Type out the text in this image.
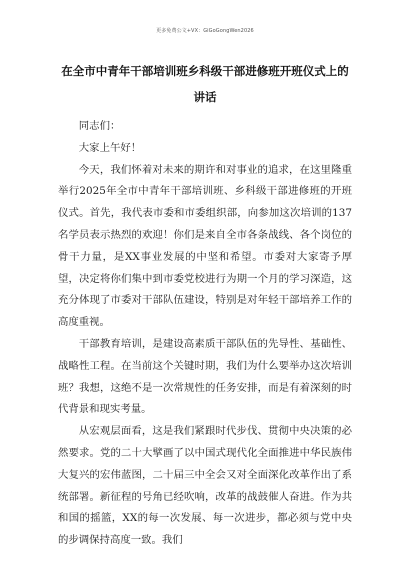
更多免费公文+VX：GiGoGongWen2026
在全市中青年干部培训班乡科级干部进修班开班仪式上的讲话

同志们：

大家上午好！

今天，我们怀着对未来的期许和对事业的追求，在这里隆重举行2025年全市中青年干部培训班、乡科级干部进修班的开班仪式。首先，我代表市委和市委组织部，向参加这次培训的137名学员表示热烈的欢迎！你们是来自全市各条战线、各个岗位的骨干力量，是XX事业发展的中坚和希望。市委对大家寄予厚望，决定将你们集中到市委党校进行为期一个月的学习深造，这充分体现了市委对干部队伍建设，特别是对年轻干部培养工作的高度重视。

干部教育培训，是建设高素质干部队伍的先导性、基础性、战略性工程。在当前这个关键时期，我们为什么要举办这次培训班？我想，这绝不是一次常规性的任务安排，而是有着深刻的时代背景和现实考量。

从宏观层面看，这是我们紧跟时代步伐、贯彻中央决策的必然要求。党的二十大擘画了以中国式现代化全面推进中华民族伟大复兴的宏伟蓝图，二十届三中全会又对全面深化改革作出了系统部署。新征程的号角已经吹响，改革的战鼓催人奋进。作为共和国的摇篮，XX的每一次发展、每一次进步，都必须与党中央的步调保持高度一致。我们
